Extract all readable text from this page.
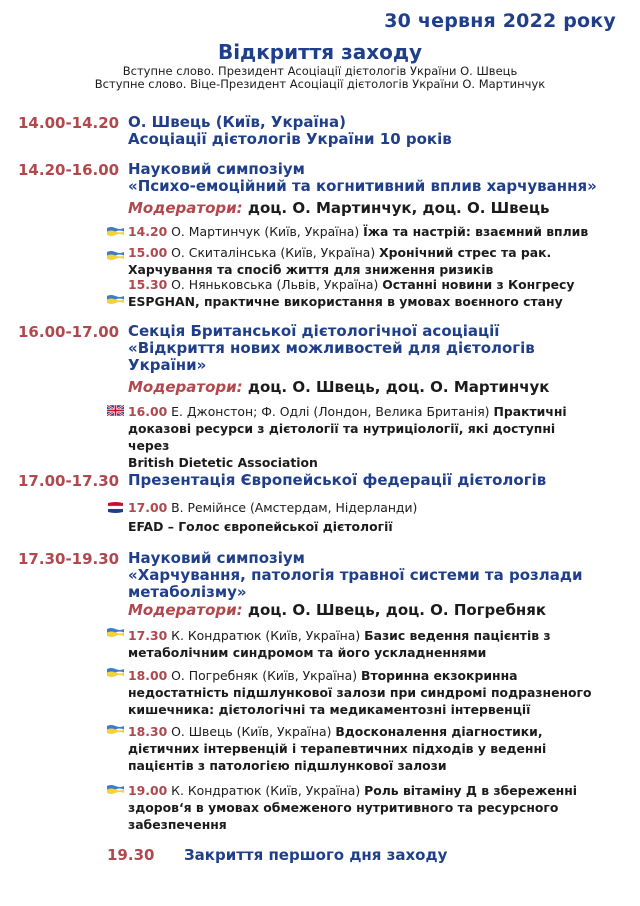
30 червня 2022 року
Відкриття заходу
Вступне слово. Президент Асоціації дієтологів України О. Швець
Вступне слово. Віце-Президент Асоціації дієтологів України О. Мартинчук
14.00-14.20 О. Швець (Київ, Україна)
Асоціації дієтологів України 10 років
14.20-16.00 Науковий симпозіум
«Психо-емоційний та когнитивний вплив харчування»
Модератори: доц. О. Мартинчук, доц. О. Швець
14.20 О. Мартинчук (Київ, Україна) Їжа та настрій: взаємний вплив
15.00 О. Скиталінська (Київ, Україна) Хронічний стрес та рак.
Харчування та спосіб життя для зниження ризиків
15.30 О. Няньковська (Львів, Україна) Останні новини з Конгресу
ESPGHAN, практичне використання в умовах воєнного стану
16.00-17.00 Секція Британської дієтологічної асоціації
«Відкриття нових можливостей для дієтологів
України»
Модератори: доц. О. Швець, доц. О. Мартинчук
16.00 Е. Джонстон; Ф. Одлі (Лондон, Велика Британія) Практичні
доказові ресурси з дієтології та нутриціології, які доступні через
British Dietetic Association
17.00-17.30 Презентація Європейської федерації дієтологів
17.00 В. Ремійнсе (Амстердам, Нідерланди)
EFAD – Голос європейської дієтології
17.30-19.30 Науковий симпозіум
«Харчування, патологія травної системи та розлади
метаболізму»
Модератори: доц. О. Швець, доц. О. Погребняк
17.30 К. Кондратюк (Київ, Україна) Базис ведення пацієнтів з
метаболічним синдромом та його ускладненнями
18.00 О. Погребняк (Київ, Україна) Вторинна екзокринна
недостатність підшлункової залози при синдромі подразненого
кишечника: дієтологічні та медикаментозні інтервенції
18.30 О. Швець (Київ, Україна) Вдосконалення діагностики,
дієтичних інтервенцій і терапевтичних підходів у веденні
пацієнтів з патологією підшлункової залози
19.00 К. Кондратюк (Київ, Україна) Роль вітаміну Д в збереженні
здоров‘я в умовах обмеженого нутритивного та ресурсного
забезпечення
19.30 Закриття першого дня заходу
